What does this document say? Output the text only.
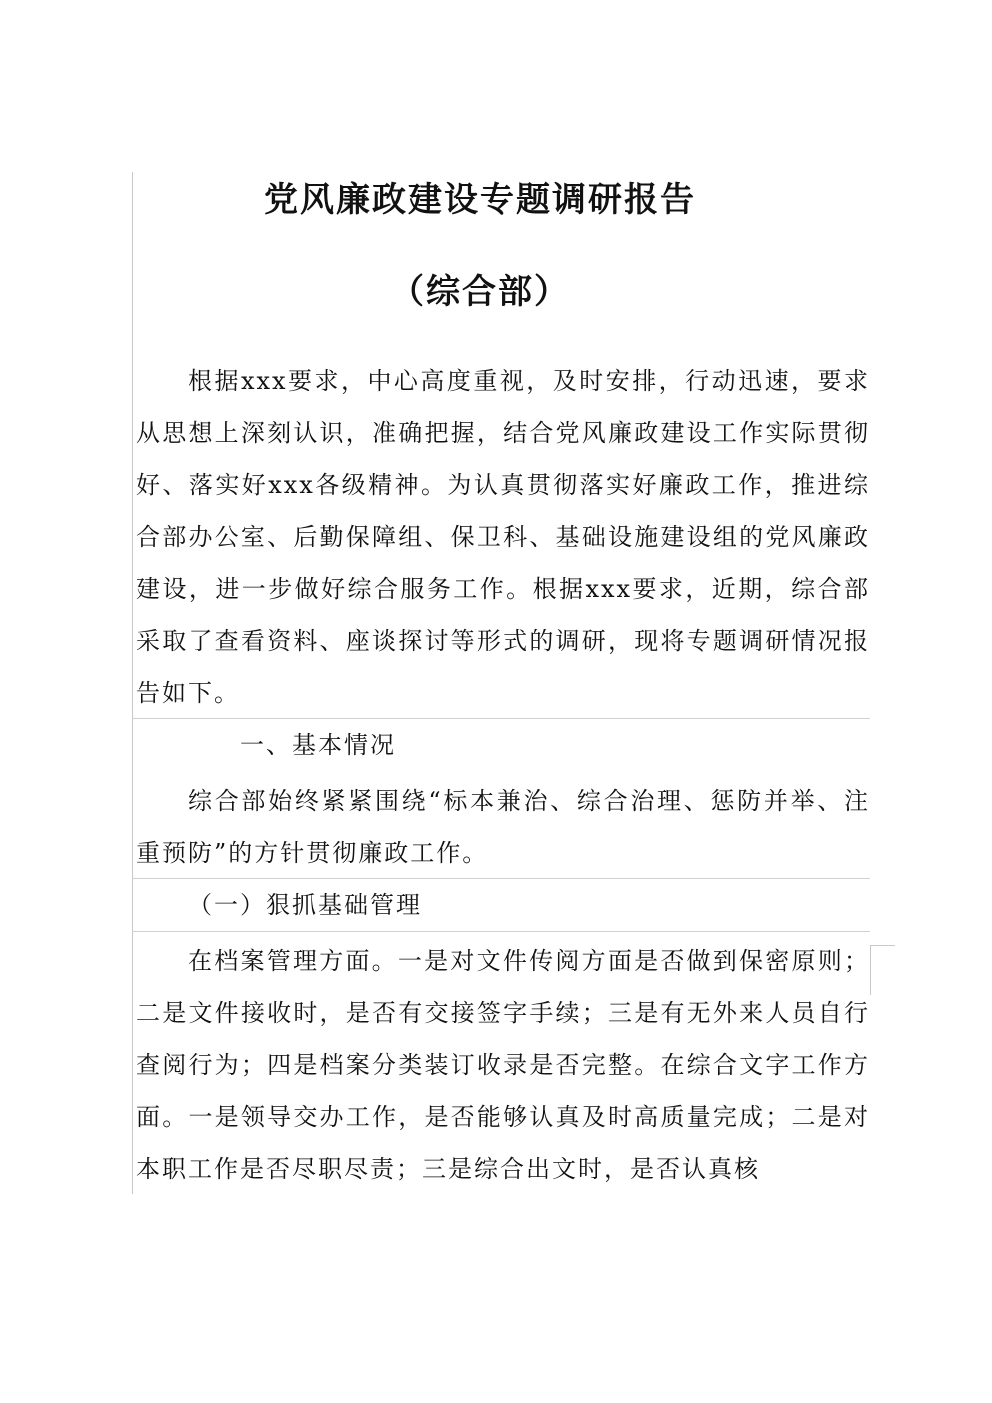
党风廉政建设专题调研报告
（综合部）

根据xxx要求，中心高度重视，及时安排，行动迅速，要求从思想上深刻认识，准确把握，结合党风廉政建设工作实际贯彻好、落实好xxx各级精神。为认真贯彻落实好廉政工作，推进综合部办公室、后勤保障组、保卫科、基础设施建设组的党风廉政建设，进一步做好综合服务工作。根据xxx要求，近期，综合部采取了查看资料、座谈探讨等形式的调研，现将专题调研情况报告如下。

一、基本情况

综合部始终紧紧围绕“标本兼治、综合治理、惩防并举、注重预防”的方针贯彻廉政工作。

（一）狠抓基础管理

在档案管理方面。一是对文件传阅方面是否做到保密原则；二是文件接收时，是否有交接签字手续；三是有无外来人员自行查阅行为；四是档案分类装订收录是否完整。在综合文字工作方面。一是领导交办工作，是否能够认真及时高质量完成；二是对本职工作是否尽职尽责；三是综合出文时，是否认真核
